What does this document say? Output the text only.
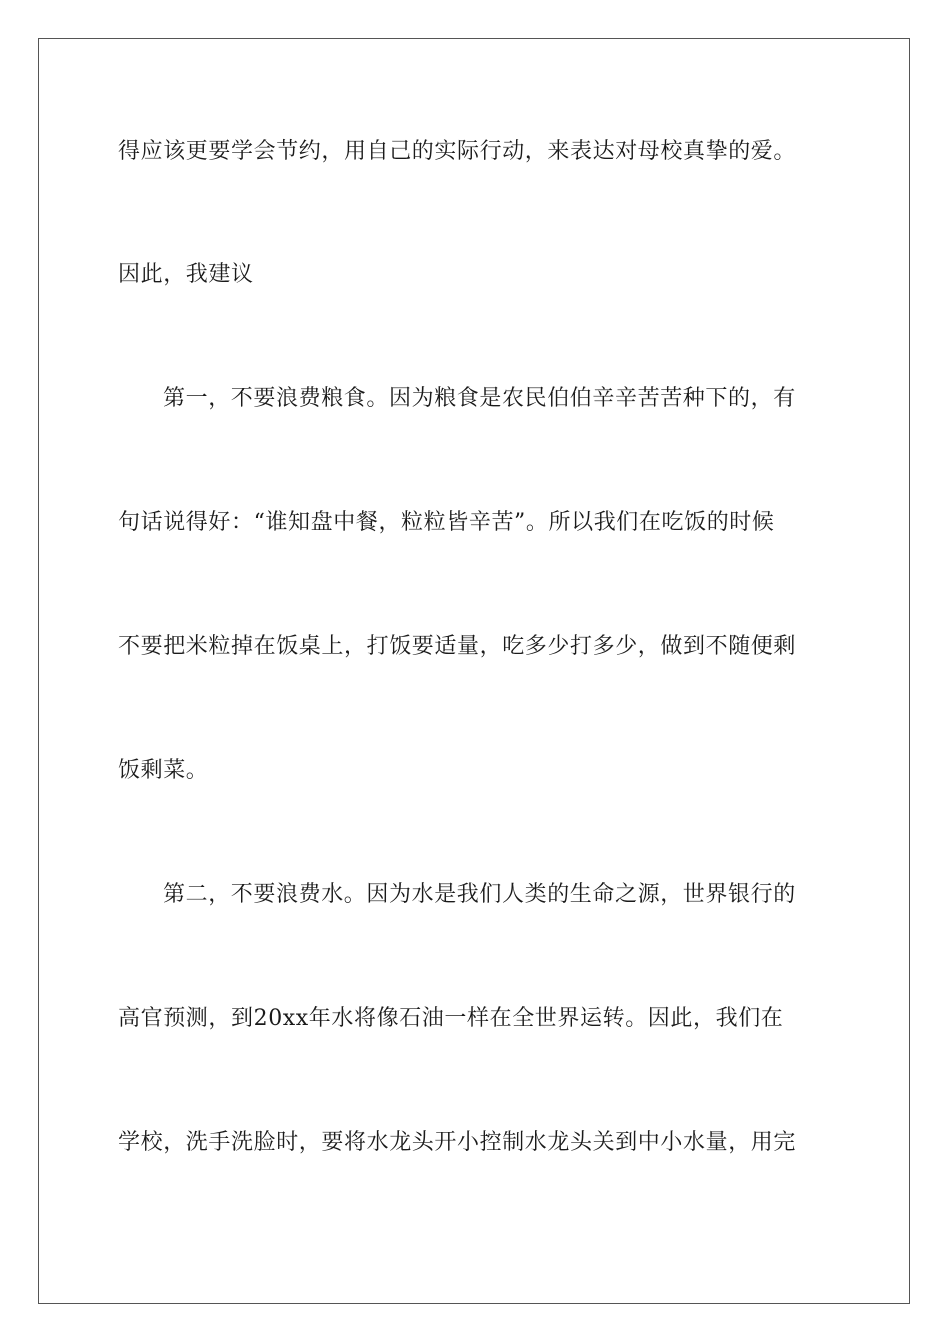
得应该更要学会节约，用自己的实际行动，来表达对母校真挚的爱。
因此，我建议
第一，不要浪费粮食。因为粮食是农民伯伯辛辛苦苦种下的，有
句话说得好：“谁知盘中餐，粒粒皆辛苦”。所以我们在吃饭的时候
不要把米粒掉在饭桌上，打饭要适量，吃多少打多少，做到不随便剩
饭剩菜。
第二，不要浪费水。因为水是我们人类的生命之源，世界银行的
高官预测，到20xx年水将像石油一样在全世界运转。因此，我们在
学校，洗手洗脸时，要将水龙头开小控制水龙头关到中小水量，用完
